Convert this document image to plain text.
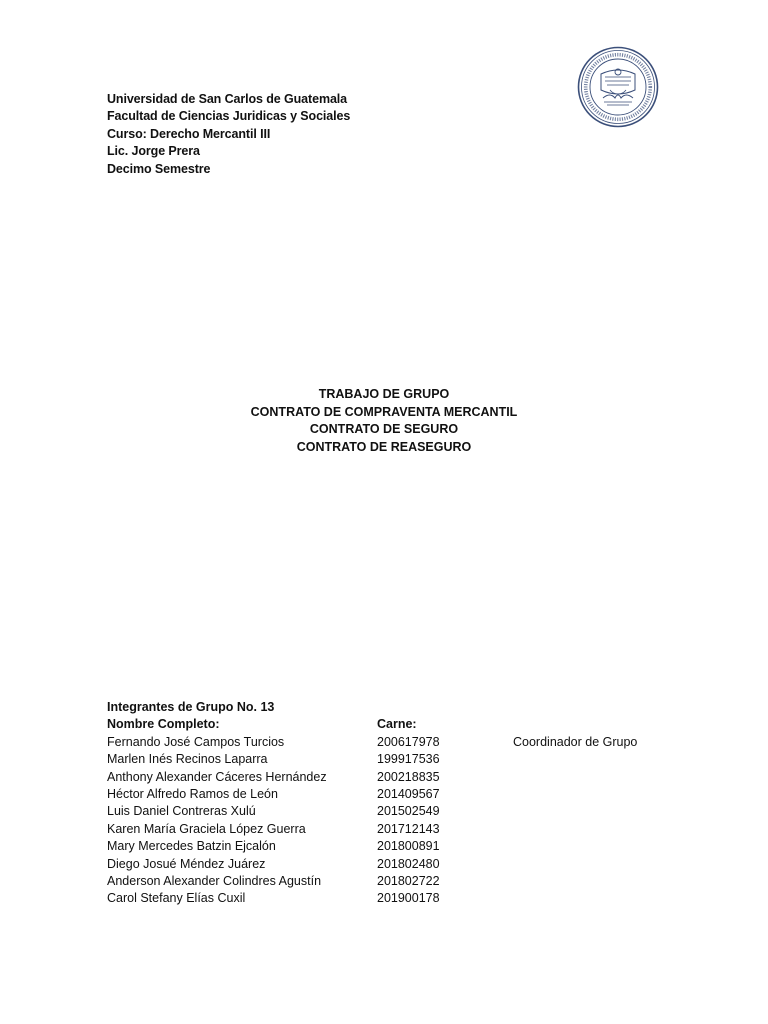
Universidad de San Carlos de Guatemala
Facultad de Ciencias Juridicas y Sociales
Curso: Derecho Mercantil III
Lic. Jorge Prera
Decimo Semestre
TRABAJO DE GRUPO
CONTRATO DE COMPRAVENTA MERCANTIL
CONTRATO DE SEGURO
CONTRATO DE REASEGURO
Integrantes de Grupo No. 13
Nombre Completo:	Carne:
Fernando José Campos Turcios	200617978	Coordinador de Grupo
Marlen Inés Recinos Laparra	199917536
Anthony Alexander Cáceres Hernández	200218835
Héctor Alfredo Ramos de León	201409567
Luis Daniel Contreras Xulú	201502549
Karen María Graciela López Guerra	201712143
Mary Mercedes Batzin Ejcalón	201800891
Diego Josué Méndez Juárez	201802480
Anderson Alexander Colindres Agustín	201802722
Carol Stefany Elías Cuxil	201900178
